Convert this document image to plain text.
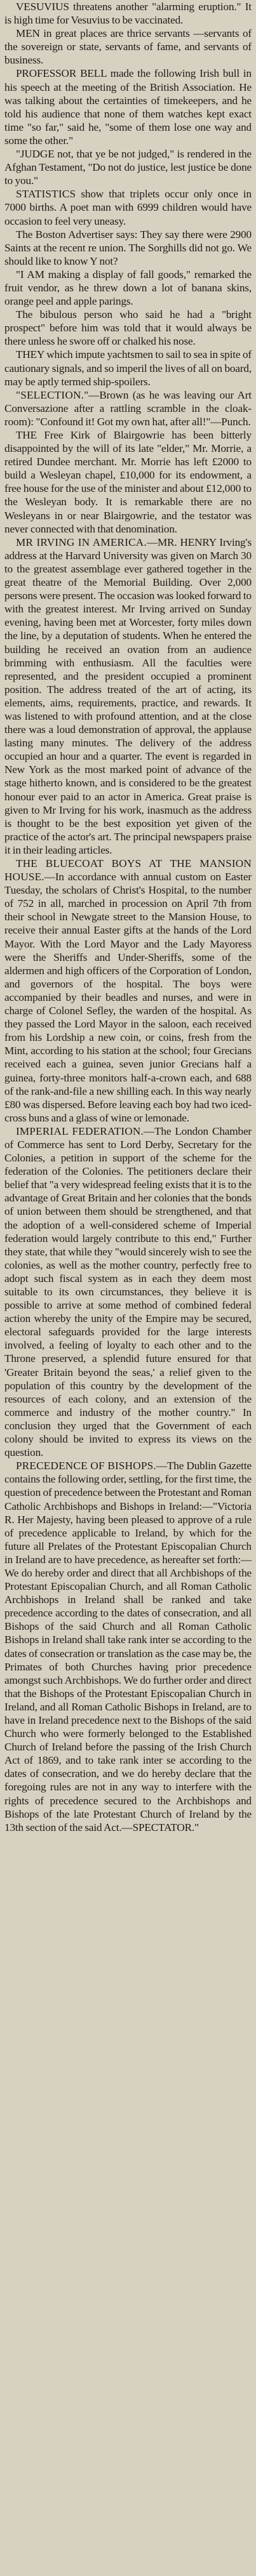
VESUVIUS threatens another "alarming eruption." It is high time for Vesuvius to be vaccinated.

MEN in great places are thrice servants —servants of the sovereign or state, servants of fame, and servants of business.

PROFESSOR BELL made the following Irish bull in his speech at the meeting of the British Association. He was talking about the certainties of timekeepers, and he told his audience that none of them watches kept exact time "so far," said he, "some of them lose one way and some the other."

"JUDGE not, that ye be not judged," is rendered in the Afghan Testament, "Do not do justice, lest justice be done to you."

STATISTICS show that triplets occur only once in 7000 births. A poet man with 6999 children would have occasion to feel very uneasy.

The Boston Advertiser says: They say there were 2900 Saints at the recent re union. The Sorghills did not go. We should like to know Y not?

"I AM making a display of fall goods," remarked the fruit vendor, as he threw down a lot of banana skins, orange peel and apple parings.

The bibulous person who said he had a "bright prospect" before him was told that it would always be there unless he swore off or chalked his nose.

THEY which impute yachtsmen to sail to sea in spite of cautionary signals, and so imperil the lives of all on board, may be aptly termed ship-spoilers.

"SELECTION."—Brown (as he was leaving our Art Conversazione after a rattling scramble in the cloak-room): "Confound it! Got my own hat, after all!"—Punch.

THE Free Kirk of Blairgowrie has been bitterly disappointed by the will of its late "elder," Mr. Morrie, a retired Dundee merchant. Mr. Morrie has left £2000 to build a Wesleyan chapel, £10,000 for its endowment, a free house for the use of the minister and about £12,000 to the Wesleyan body. It is remarkable there are no Wesleyans in or near Blairgowrie, and the testator was never connected with that denomination.

MR IRVING IN AMERICA.—MR. HENRY Irving's address at the Harvard University was given on March 30 to the greatest assemblage ever gathered together in the great theatre of the Memorial Building. Over 2,000 persons were present. The occasion was looked forward to with the greatest interest. Mr Irving arrived on Sunday evening, having been met at Worcester, forty miles down the line, by a deputation of students. When he entered the building he received an ovation from an audience brimming with enthusiasm. All the faculties were represented, and the president occupied a prominent position. The address treated of the art of acting, its elements, aims, requirements, practice, and rewards. It was listened to with profound attention, and at the close there was a loud demonstration of approval, the applause lasting many minutes. The delivery of the address occupied an hour and a quarter. The event is regarded in New York as the most marked point of advance of the stage hitherto known, and is considered to be the greatest honour ever paid to an actor in America. Great praise is given to Mr Irving for his work, inasmuch as the address is thought to be the best exposition yet given of the practice of the actor's art. The principal newspapers praise it in their leading articles.

THE BLUECOAT BOYS AT THE MANSION HOUSE.—In accordance with annual custom on Easter Tuesday, the scholars of Christ's Hospital, to the number of 752 in all, marched in procession on April 7th from their school in Newgate street to the Mansion House, to receive their annual Easter gifts at the hands of the Lord Mayor. With the Lord Mayor and the Lady Mayoress were the Sheriffs and Under-Sheriffs, some of the aldermen and high officers of the Corporation of London, and governors of the hospital. The boys were accompanied by their beadles and nurses, and were in charge of Colonel Sefley, the warden of the hospital. As they passed the Lord Mayor in the saloon, each received from his Lordship a new coin, or coins, fresh from the Mint, according to his station at the school; four Grecians received each a guinea, seven junior Grecians half a guinea, forty-three monitors half-a-crown each, and 688 of the rank-and-file a new shilling each. In this way nearly £80 was dispersed. Before leaving each boy had two iced-cross buns and a glass of wine or lemonade.

IMPERIAL FEDERATION.—The London Chamber of Commerce has sent to Lord Derby, Secretary for the Colonies, a petition in support of the scheme for the federation of the Colonies. The petitioners declare their belief that "a very widespread feeling exists that it is to the advantage of Great Britain and her colonies that the bonds of union between them should be strengthened, and that the adoption of a well-considered scheme of Imperial federation would largely contribute to this end," Further they state, that while they "would sincerely wish to see the colonies, as well as the mother country, perfectly free to adopt such fiscal system as in each they deem most suitable to its own circumstances, they believe it is possible to arrive at some method of combined federal action whereby the unity of the Empire may be secured, electoral safeguards provided for the large interests involved, a feeling of loyalty to each other and to the Throne preserved, a splendid future ensured for that 'Greater Britain beyond the seas,' a relief given to the population of this country by the development of the resources of each colony, and an extension of the commerce and industry of the mother country." In conclusion they urged that the Government of each colony should be invited to express its views on the question.

PRECEDENCE OF BISHOPS.—The Dublin Gazette contains the following order, settling, for the first time, the question of precedence between the Protestant and Roman Catholic Archbishops and Bishops in Ireland:—"Victoria R. Her Majesty, having been pleased to approve of a rule of precedence applicable to Ireland, by which for the future all Prelates of the Protestant Episcopalian Church in Ireland are to have precedence, as hereafter set forth:—We do hereby order and direct that all Archbishops of the Protestant Episcopalian Church, and all Roman Catholic Archbishops in Ireland shall be ranked and take precedence according to the dates of consecration, and all Bishops of the said Church and all Roman Catholic Bishops in Ireland shall take rank inter se according to the dates of consecration or translation as the case may be, the Primates of both Churches having prior precedence amongst such Archbishops. We do further order and direct that the Bishops of the Protestant Episcopalian Church in Ireland, and all Roman Catholic Bishops in Ireland, are to have in Ireland precedence next to the Bishops of the said Church who were formerly belonged to the Established Church of Ireland before the passing of the Irish Church Act of 1869, and to take rank inter se according to the dates of consecration, and we do hereby declare that the foregoing rules are not in any way to interfere with the rights of precedence secured to the Archbishops and Bishops of the late Protestant Church of Ireland by the 13th section of the said Act.—SPECTATOR."
